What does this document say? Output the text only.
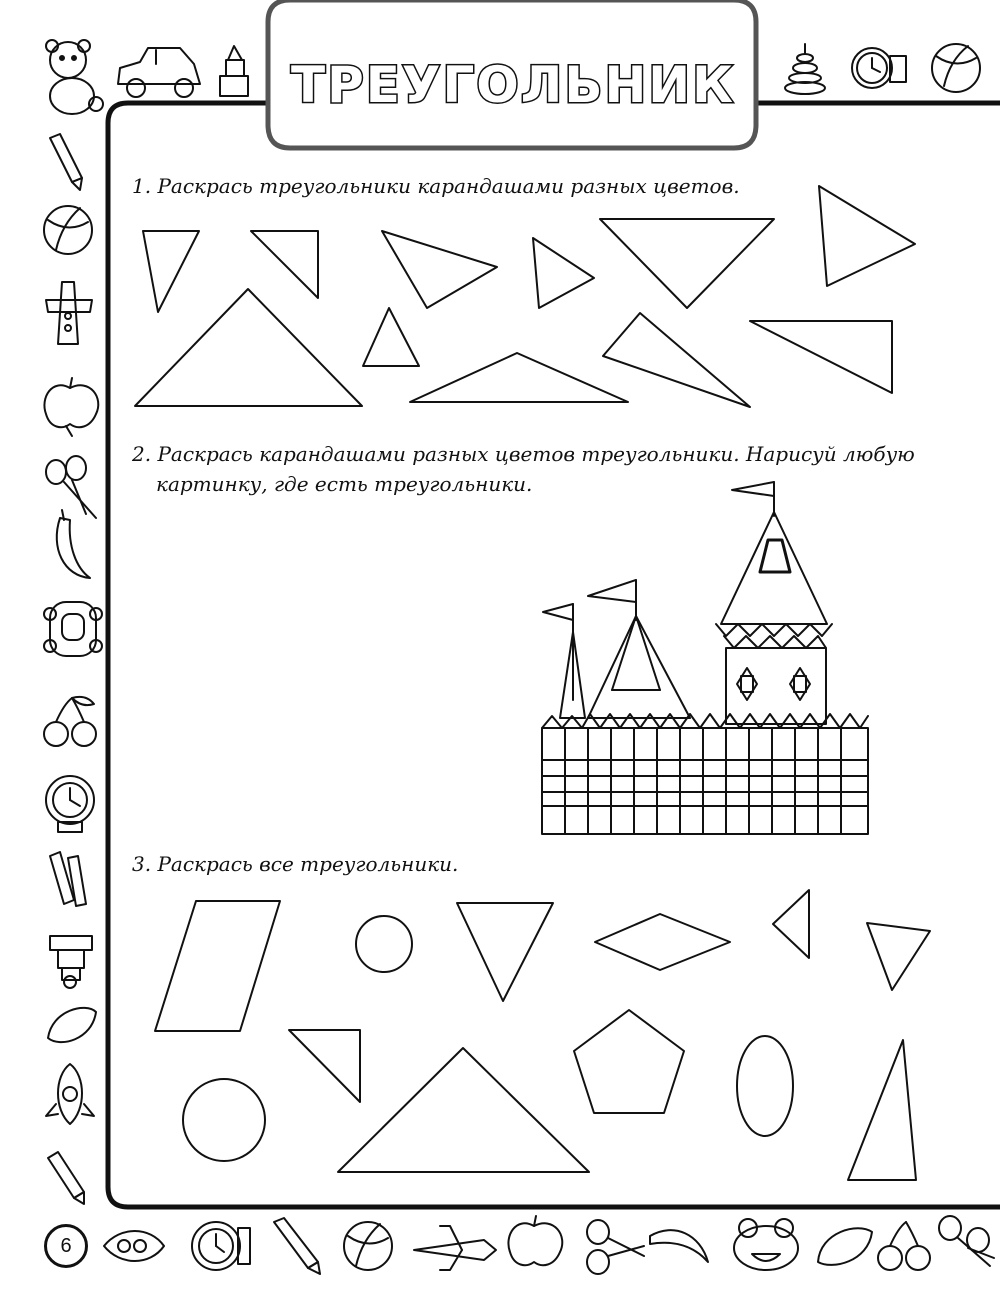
ТРЕУГОЛЬНИК
1. Раскрась треугольники карандашами разных цветов.
2. Раскрась карандашами разных цветов треугольники. Нарисуй любую
картинку, где есть треугольники.
3. Раскрась все треугольники.
6
